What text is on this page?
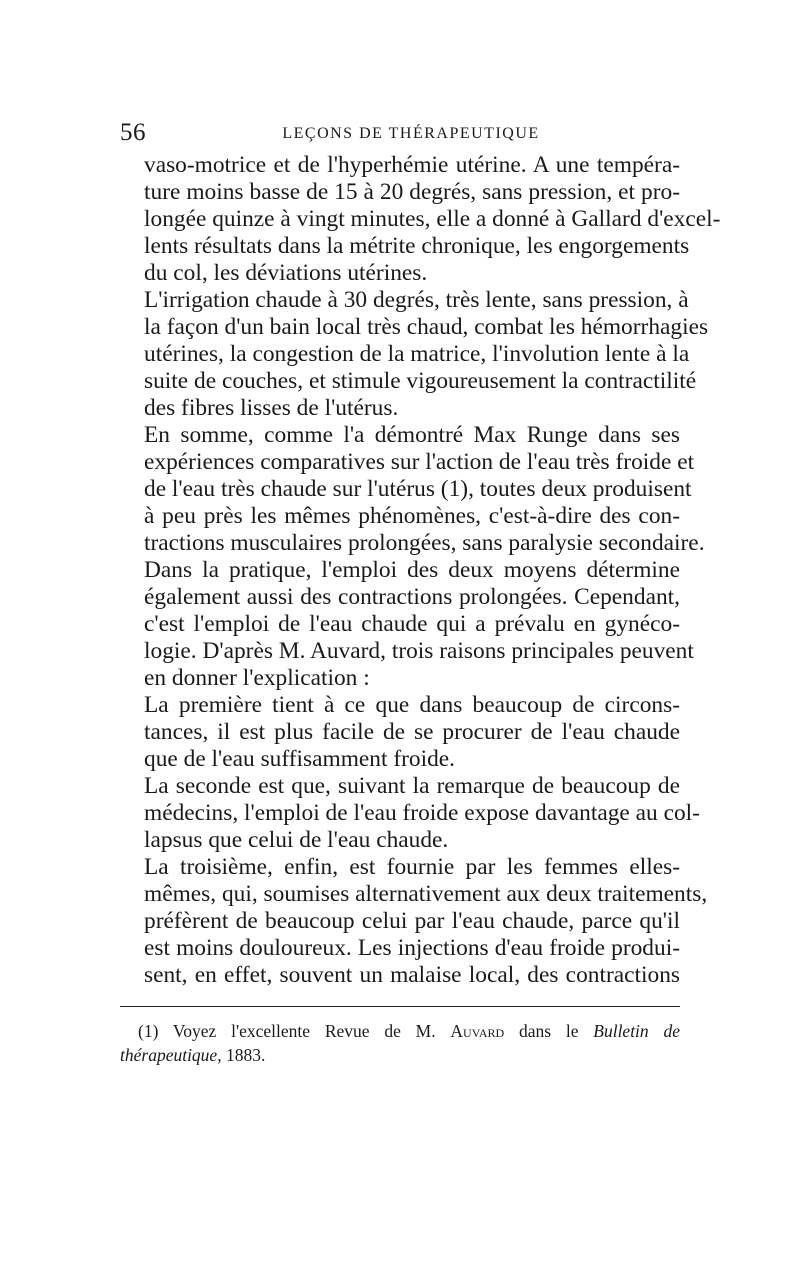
56	LEÇONS DE THÉRAPEUTIQUE

vaso-motrice et de l'hyperhémie utérine. A une tempéra-
ture moins basse de 15 à 20 degrés, sans pression, et pro-
longée quinze à vingt minutes, elle a donné à Gallard d'excel-
lents résultats dans la métrite chronique, les engorgements
du col, les déviations utérines.

L'irrigation chaude à 30 degrés, très lente, sans pression, à
la façon d'un bain local très chaud, combat les hémorrhagies
utérines, la congestion de la matrice, l'involution lente à la
suite de couches, et stimule vigoureusement la contractilité
des fibres lisses de l'utérus.

En somme, comme l'a démontré Max Runge dans ses
expériences comparatives sur l'action de l'eau très froide et
de l'eau très chaude sur l'utérus (1), toutes deux produisent
à peu près les mêmes phénomènes, c'est-à-dire des con-
tractions musculaires prolongées, sans paralysie secondaire.
Dans la pratique, l'emploi des deux moyens détermine
également aussi des contractions prolongées. Cependant,
c'est l'emploi de l'eau chaude qui a prévalu en gynéco-
logie. D'après M. Auvard, trois raisons principales peuvent
en donner l'explication :

La première tient à ce que dans beaucoup de circons-
tances, il est plus facile de se procurer de l'eau chaude
que de l'eau suffisamment froide.

La seconde est que, suivant la remarque de beaucoup de
médecins, l'emploi de l'eau froide expose davantage au col-
lapsus que celui de l'eau chaude.

La troisième, enfin, est fournie par les femmes elles-
mêmes, qui, soumises alternativement aux deux traitements,
préfèrent de beaucoup celui par l'eau chaude, parce qu'il
est moins douloureux. Les injections d'eau froide produi-
sent, en effet, souvent un malaise local, des contractions

(1) Voyez l'excellente Revue de M. Auvard dans le Bulletin de
thérapeutique, 1883.
